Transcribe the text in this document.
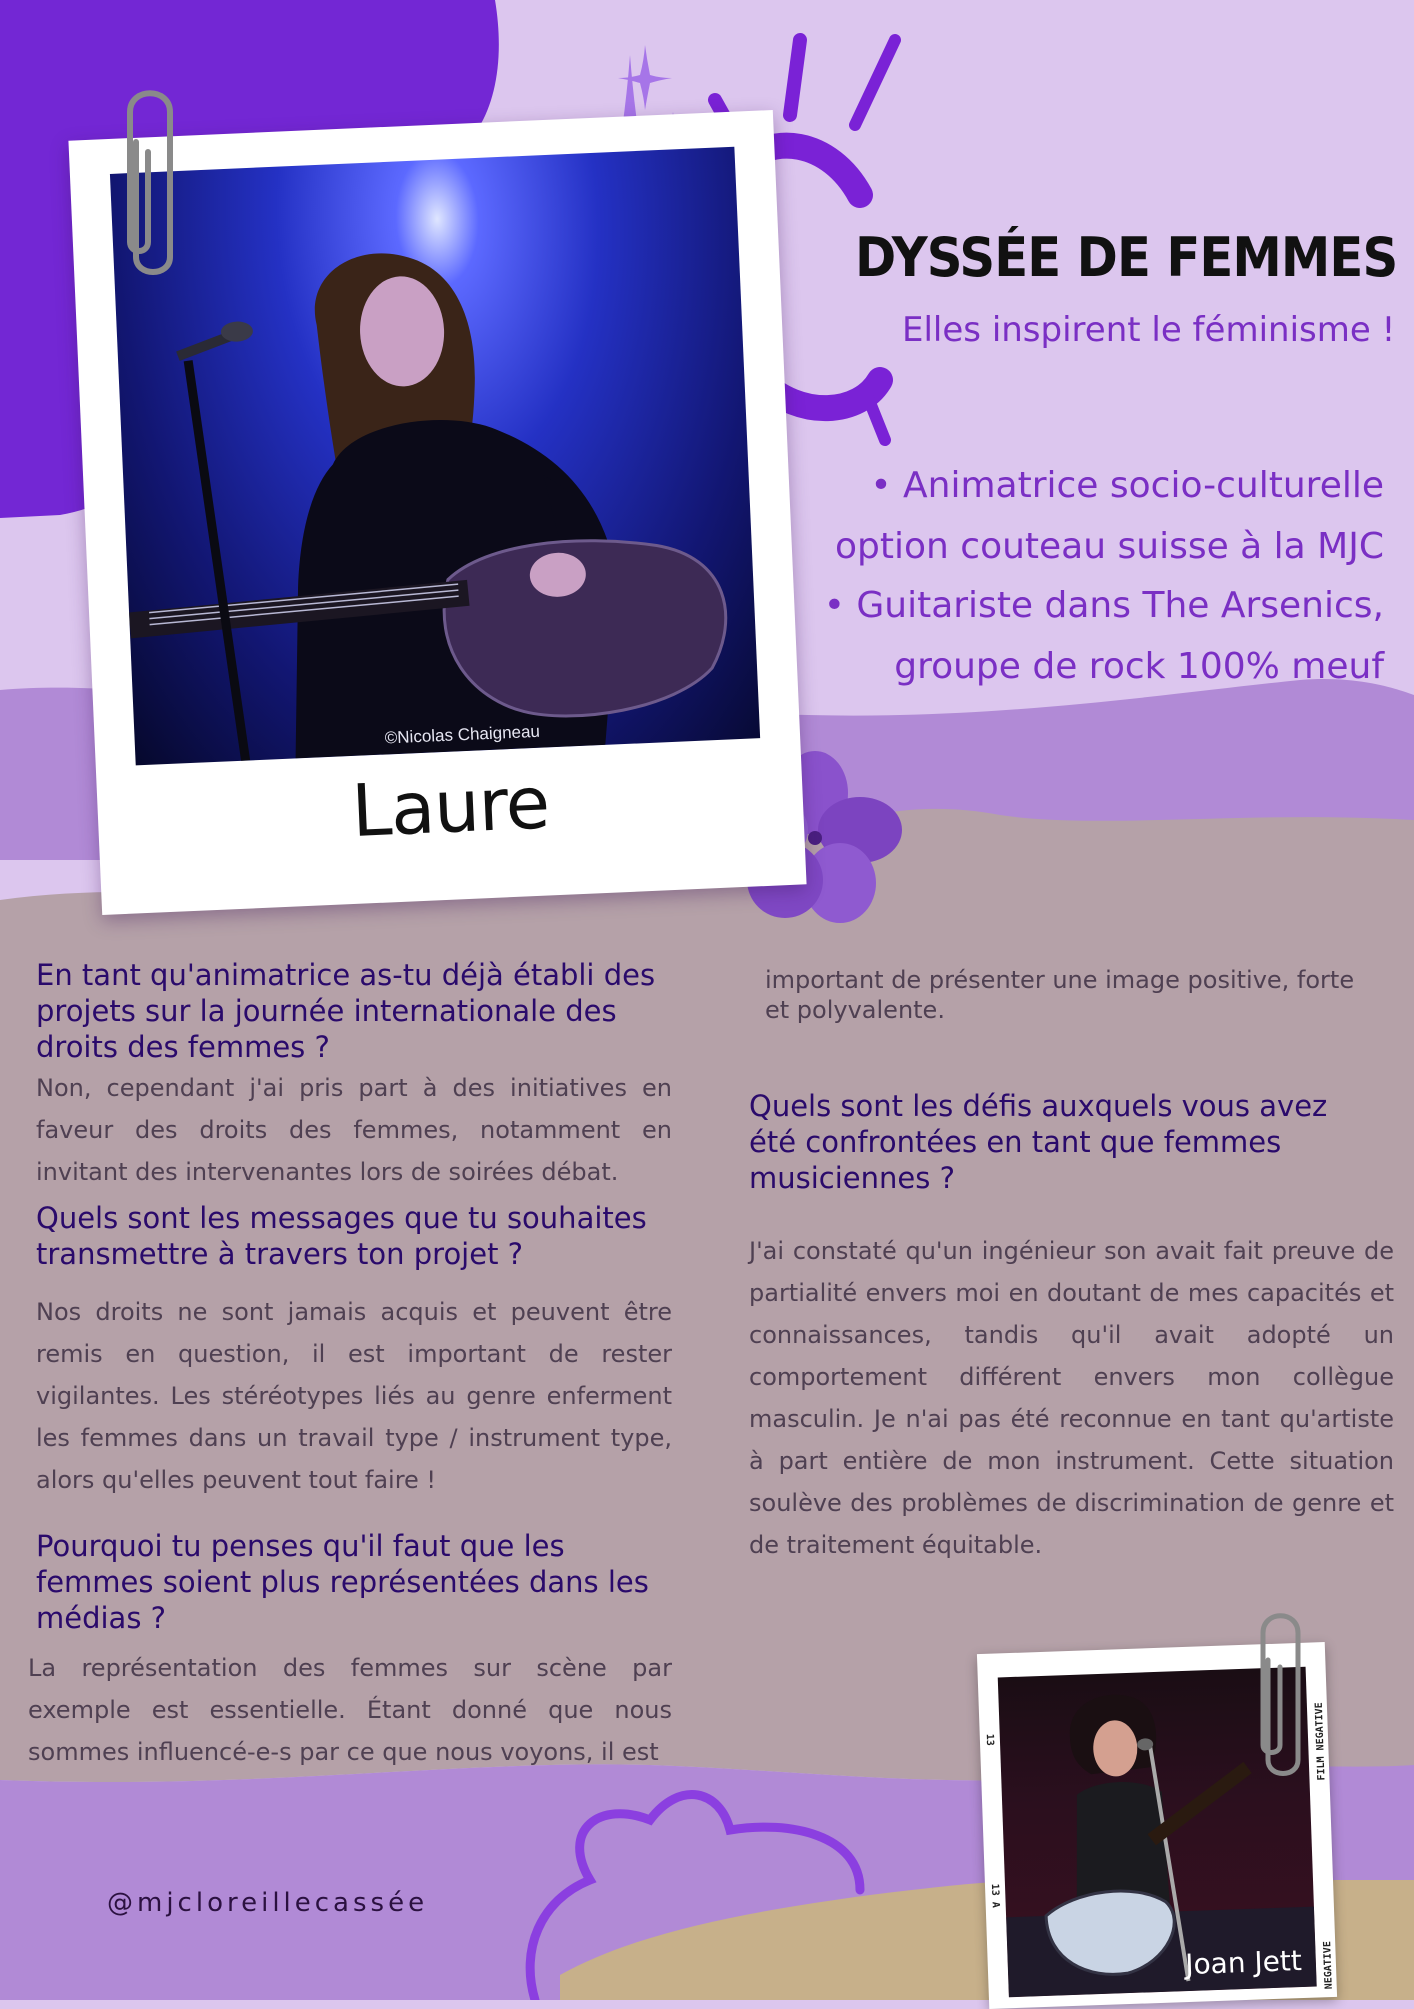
©Nicolas Chaigneau
Laure
DYSSÉE DE FEMMES
Elles inspirent le féminisme !
• Animatrice socio-culturelle
option couteau suisse à la MJC
• Guitariste dans The Arsenics,
groupe de rock 100% meuf
En tant qu'animatrice as-tu déjà établi des projets sur la journée internationale des droits des femmes ?
Non, cependant j'ai pris part à des initiatives en faveur des droits des femmes, notamment en invitant des intervenantes lors de soirées débat.
Quels sont les messages que tu souhaites transmettre à travers ton projet ?
Nos droits ne sont jamais acquis et peuvent être remis en question, il est important de rester vigilantes. Les stéréotypes liés au genre enferment les femmes dans un travail type / instrument type, alors qu'elles peuvent tout faire !
Pourquoi tu penses qu'il faut que les femmes soient plus représentées dans les médias ?
La représentation des femmes sur scène par exemple est essentielle. Étant donné que nous sommes influencé-e-s par ce que nous voyons, il est
important de présenter une image positive, forte et polyvalente.
Quels sont les défis auxquels vous avez été confrontées en tant que femmes musiciennes ?
J'ai constaté qu'un ingénieur son avait fait preuve de partialité envers moi en doutant de mes capacités et connaissances, tandis qu'il avait adopté un comportement différent envers mon collègue masculin. Je n'ai pas été reconnue en tant qu'artiste à part entière de mon instrument. Cette situation soulève des problèmes de discrimination de genre et de traitement équitable.
@mjcloreillecassée
Joan Jett
FILM NEGATIVE
NEGATIVE
13
13 A
